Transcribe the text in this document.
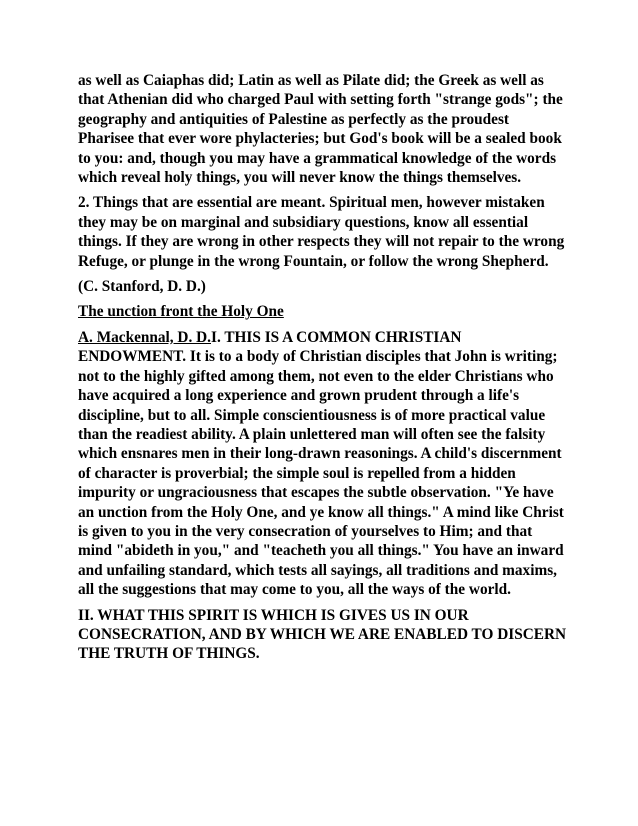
as well as Caiaphas did; Latin as well as Pilate did; the Greek as well as that Athenian did who charged Paul with setting forth "strange gods"; the geography and antiquities of Palestine as perfectly as the proudest Pharisee that ever wore phylacteries; but God's book will be a sealed book to you: and, though you may have a grammatical knowledge of the words which reveal holy things, you will never know the things themselves.

2. Things that are essential are meant. Spiritual men, however mistaken they may be on marginal and subsidiary questions, know all essential things. If they are wrong in other respects they will not repair to the wrong Refuge, or plunge in the wrong Fountain, or follow the wrong Shepherd.

(C. Stanford, D. D.)

The unction front the Holy One

A. Mackennal, D. D.I. THIS IS A COMMON CHRISTIAN ENDOWMENT. It is to a body of Christian disciples that John is writing; not to the highly gifted among them, not even to the elder Christians who have acquired a long experience and grown prudent through a life's discipline, but to all. Simple conscientiousness is of more practical value than the readiest ability. A plain unlettered man will often see the falsity which ensnares men in their long-drawn reasonings. A child's discernment of character is proverbial; the simple soul is repelled from a hidden impurity or ungraciousness that escapes the subtle observation. "Ye have an unction from the Holy One, and ye know all things." A mind like Christ is given to you in the very consecration of yourselves to Him; and that mind "abideth in you," and "teacheth you all things." You have an inward and unfailing standard, which tests all sayings, all traditions and maxims, all the suggestions that may come to you, all the ways of the world.

II. WHAT THIS SPIRIT IS WHICH IS GIVES US IN OUR CONSECRATION, AND BY WHICH WE ARE ENABLED TO DISCERN THE TRUTH OF THINGS.
